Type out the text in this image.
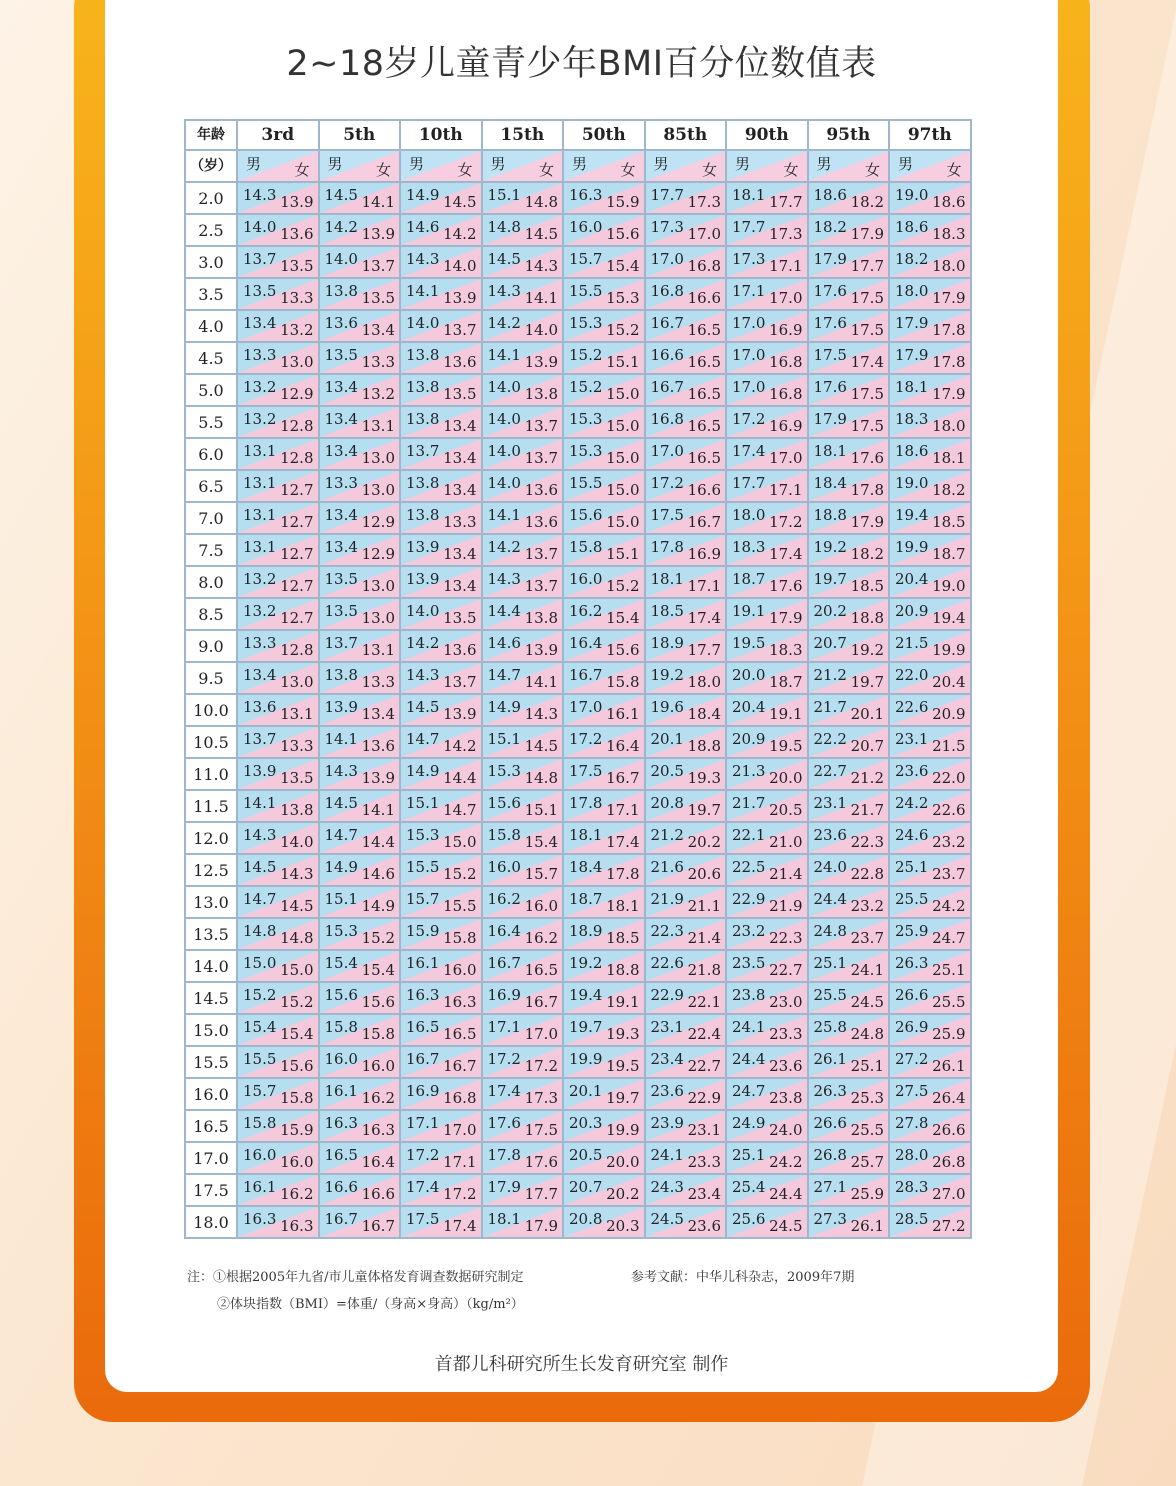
2~18岁儿童青少年BMI百分位数值表
年龄	3rd	5th	10th	15th	50th	85th	90th	95th	97th
（岁）	男 女	男 女	男 女	男 女	男 女	男 女	男 女	男 女	男 女

2.0	14.3 13.9	14.5 14.1	14.9 14.5	15.1 14.8	16.3 15.9	17.7 17.3	18.1 17.7	18.6 18.2	19.0 18.6

2.5	14.0 13.6	14.2 13.9	14.6 14.2	14.8 14.5	16.0 15.6	17.3 17.0	17.7 17.3	18.2 17.9	18.6 18.3

3.0	13.7 13.5	14.0 13.7	14.3 14.0	14.5 14.3	15.7 15.4	17.0 16.8	17.3 17.1	17.9 17.7	18.2 18.0

3.5	13.5 13.3	13.8 13.5	14.1 13.9	14.3 14.1	15.5 15.3	16.8 16.6	17.1 17.0	17.6 17.5	18.0 17.9

4.0	13.4 13.2	13.6 13.4	14.0 13.7	14.2 14.0	15.3 15.2	16.7 16.5	17.0 16.9	17.6 17.5	17.9 17.8

4.5	13.3 13.0	13.5 13.3	13.8 13.6	14.1 13.9	15.2 15.1	16.6 16.5	17.0 16.8	17.5 17.4	17.9 17.8

5.0	13.2 12.9	13.4 13.2	13.8 13.5	14.0 13.8	15.2 15.0	16.7 16.5	17.0 16.8	17.6 17.5	18.1 17.9

5.5	13.2 12.8	13.4 13.1	13.8 13.4	14.0 13.7	15.3 15.0	16.8 16.5	17.2 16.9	17.9 17.5	18.3 18.0

6.0	13.1 12.8	13.4 13.0	13.7 13.4	14.0 13.7	15.3 15.0	17.0 16.5	17.4 17.0	18.1 17.6	18.6 18.1

6.5	13.1 12.7	13.3 13.0	13.8 13.4	14.0 13.6	15.5 15.0	17.2 16.6	17.7 17.1	18.4 17.8	19.0 18.2

7.0	13.1 12.7	13.4 12.9	13.8 13.3	14.1 13.6	15.6 15.0	17.5 16.7	18.0 17.2	18.8 17.9	19.4 18.5

7.5	13.1 12.7	13.4 12.9	13.9 13.4	14.2 13.7	15.8 15.1	17.8 16.9	18.3 17.4	19.2 18.2	19.9 18.7

8.0	13.2 12.7	13.5 13.0	13.9 13.4	14.3 13.7	16.0 15.2	18.1 17.1	18.7 17.6	19.7 18.5	20.4 19.0

8.5	13.2 12.7	13.5 13.0	14.0 13.5	14.4 13.8	16.2 15.4	18.5 17.4	19.1 17.9	20.2 18.8	20.9 19.4

9.0	13.3 12.8	13.7 13.1	14.2 13.6	14.6 13.9	16.4 15.6	18.9 17.7	19.5 18.3	20.7 19.2	21.5 19.9

9.5	13.4 13.0	13.8 13.3	14.3 13.7	14.7 14.1	16.7 15.8	19.2 18.0	20.0 18.7	21.2 19.7	22.0 20.4

10.0	13.6 13.1	13.9 13.4	14.5 13.9	14.9 14.3	17.0 16.1	19.6 18.4	20.4 19.1	21.7 20.1	22.6 20.9

10.5	13.7 13.3	14.1 13.6	14.7 14.2	15.1 14.5	17.2 16.4	20.1 18.8	20.9 19.5	22.2 20.7	23.1 21.5

11.0	13.9 13.5	14.3 13.9	14.9 14.4	15.3 14.8	17.5 16.7	20.5 19.3	21.3 20.0	22.7 21.2	23.6 22.0

11.5	14.1 13.8	14.5 14.1	15.1 14.7	15.6 15.1	17.8 17.1	20.8 19.7	21.7 20.5	23.1 21.7	24.2 22.6

12.0	14.3 14.0	14.7 14.4	15.3 15.0	15.8 15.4	18.1 17.4	21.2 20.2	22.1 21.0	23.6 22.3	24.6 23.2

12.5	14.5 14.3	14.9 14.6	15.5 15.2	16.0 15.7	18.4 17.8	21.6 20.6	22.5 21.4	24.0 22.8	25.1 23.7

13.0	14.7 14.5	15.1 14.9	15.7 15.5	16.2 16.0	18.7 18.1	21.9 21.1	22.9 21.9	24.4 23.2	25.5 24.2

13.5	14.8 14.8	15.3 15.2	15.9 15.8	16.4 16.2	18.9 18.5	22.3 21.4	23.2 22.3	24.8 23.7	25.9 24.7

14.0	15.0 15.0	15.4 15.4	16.1 16.0	16.7 16.5	19.2 18.8	22.6 21.8	23.5 22.7	25.1 24.1	26.3 25.1

14.5	15.2 15.2	15.6 15.6	16.3 16.3	16.9 16.7	19.4 19.1	22.9 22.1	23.8 23.0	25.5 24.5	26.6 25.5

15.0	15.4 15.4	15.8 15.8	16.5 16.5	17.1 17.0	19.7 19.3	23.1 22.4	24.1 23.3	25.8 24.8	26.9 25.9

15.5	15.5 15.6	16.0 16.0	16.7 16.7	17.2 17.2	19.9 19.5	23.4 22.7	24.4 23.6	26.1 25.1	27.2 26.1

16.0	15.7 15.8	16.1 16.2	16.9 16.8	17.4 17.3	20.1 19.7	23.6 22.9	24.7 23.8	26.3 25.3	27.5 26.4

16.5	15.8 15.9	16.3 16.3	17.1 17.0	17.6 17.5	20.3 19.9	23.9 23.1	24.9 24.0	26.6 25.5	27.8 26.6

17.0	16.0 16.0	16.5 16.4	17.2 17.1	17.8 17.6	20.5 20.0	24.1 23.3	25.1 24.2	26.8 25.7	28.0 26.8

17.5	16.1 16.2	16.6 16.6	17.4 17.2	17.9 17.7	20.7 20.2	24.3 23.4	25.4 24.4	27.1 25.9	28.3 27.0

18.0	16.3 16.3	16.7 16.7	17.5 17.4	18.1 17.9	20.8 20.3	24.5 23.6	25.6 24.5	27.3 26.1	28.5 27.2
注：①根据2005年九省/市儿童体格发育调查数据研究制定	参考文献：中华儿科杂志，2009年7期
②体块指数（BMI）=体重/（身高×身高）（kg/m²）
首都儿科研究所生长发育研究室 制作
